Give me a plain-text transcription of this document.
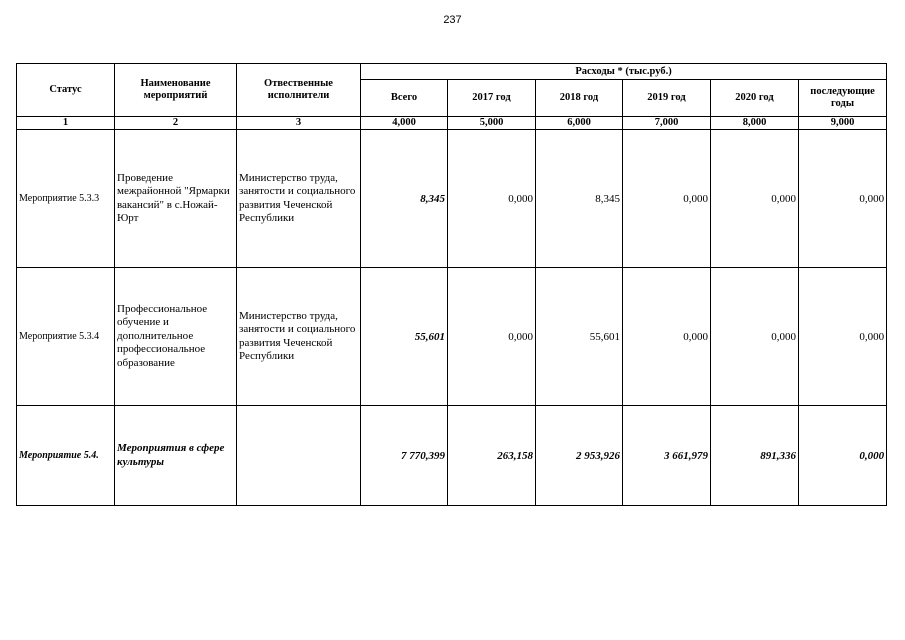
237
Статус	Наименование мероприятий	Отвественные исполнители	Расходы * (тыс.руб.)					
			Всего	2017 год	2018 год	2019 год	2020 год	последующие годы

1	2	3	4,000	5,000	6,000	7,000	8,000	9,000
Мероприятие 5.3.3	Проведение межрайонной "Ярмарки вакансий" в с.Ножай-Юрт	Министерство труда, занятости и социального развития Чеченской Республики	8,345	0,000	8,345	0,000	0,000	0,000
Мероприятие 5.3.4	Профессиональное обучение и дополнительное профессиональное образование	Министерство труда, занятости и социального развития Чеченской Республики	55,601	0,000	55,601	0,000	0,000	0,000
Мероприятие 5.4.	Мероприятия в сфере культуры		7 770,399	263,158	2 953,926	3 661,979	891,336	0,000
